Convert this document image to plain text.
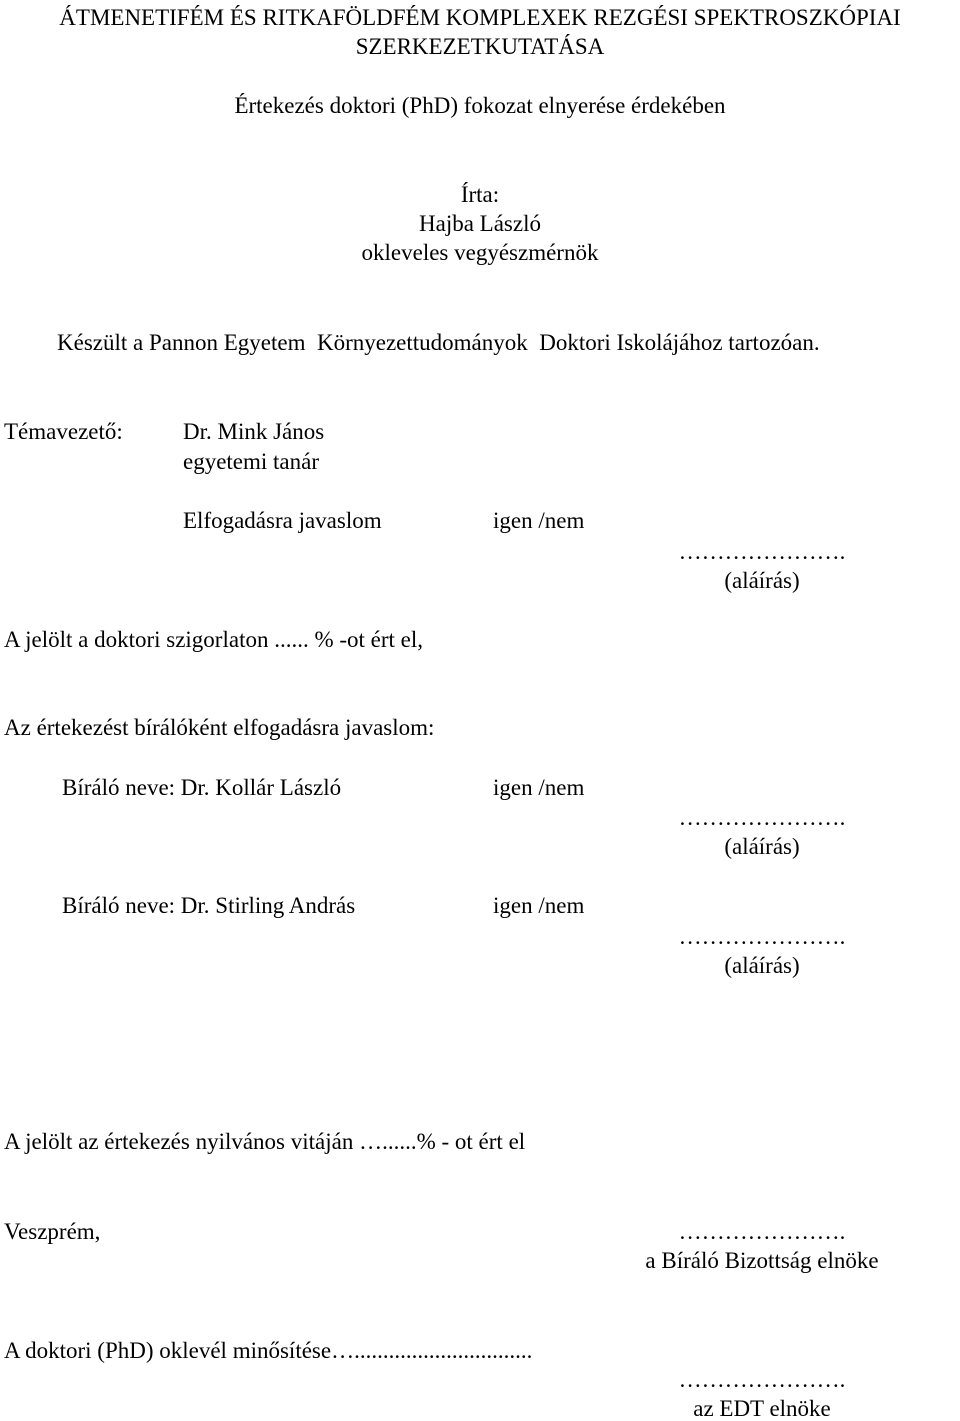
ÁTMENETIFÉM ÉS RITKAFÖLDFÉM KOMPLEXEK REZGÉSI SPEKTROSZKÓPIAI
SZERKEZETKUTATÁSA
Értekezés doktori (PhD) fokozat elnyerése érdekében
Írta:
Hajba László
okleveles vegyészmérnök
Készült a Pannon Egyetem  Környezettudományok  Doktori Iskolájához tartozóan.
Témavezető:	Dr. Mink János
egyetemi tanár
Elfogadásra javaslom	igen /nem
………………….
(aláírás)
A jelölt a doktori szigorlaton ...... % -ot ért el,
Az értekezést bírálóként elfogadásra javaslom:
Bíráló neve: Dr. Kollár László	igen /nem
………………….
(aláírás)
Bíráló neve: Dr. Stirling András	igen /nem
………………….
(aláírás)
A jelölt az értekezés nyilvános vitáján …......% - ot ért el
Veszprém,	………………….
a Bíráló Bizottság elnöke
A doktori (PhD) oklevél minősítése…...............................
………………….
az EDT elnöke
